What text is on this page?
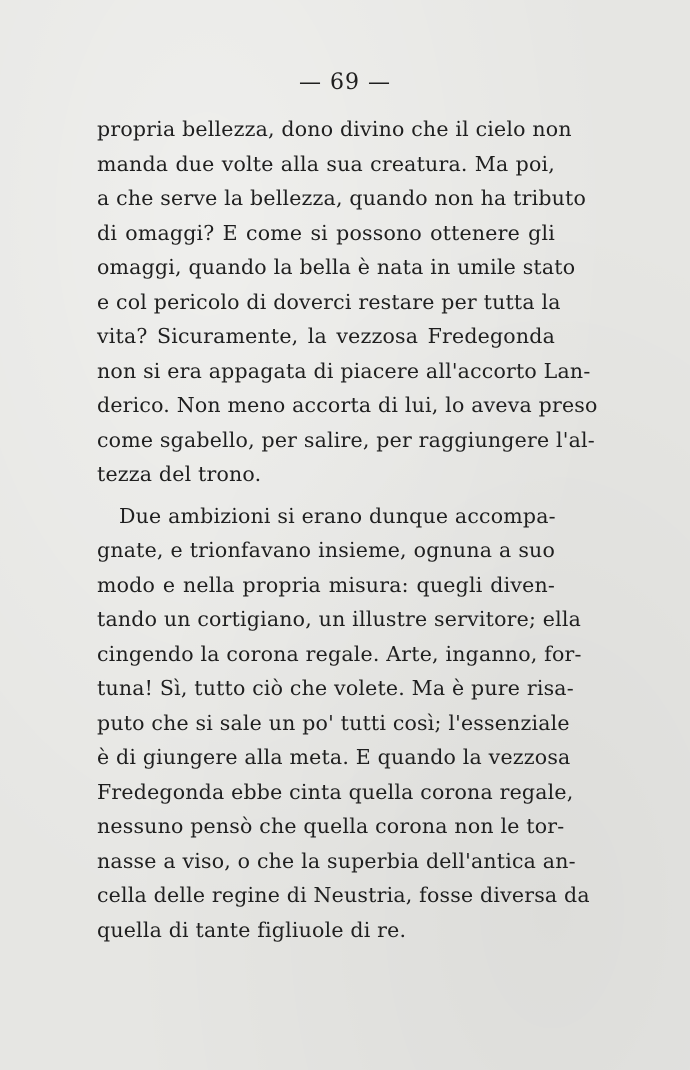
— 69 —
propria bellezza, dono divino che il cielo non
manda due volte alla sua creatura. Ma poi,
a che serve la bellezza, quando non ha tributo
di omaggi? E come si possono ottenere gli
omaggi, quando la bella è nata in umile stato
e col pericolo di doverci restare per tutta la
vita? Sicuramente, la vezzosa Fredegonda
non si era appagata di piacere all'accorto Lan-
derico. Non meno accorta di lui, lo aveva preso
come sgabello, per salire, per raggiungere l'al-
tezza del trono.
Due ambizioni si erano dunque accompa-
gnate, e trionfavano insieme, ognuna a suo
modo e nella propria misura: quegli diven-
tando un cortigiano, un illustre servitore; ella
cingendo la corona regale. Arte, inganno, for-
tuna! Sì, tutto ciò che volete. Ma è pure risa-
puto che si sale un po' tutti così; l'essenziale
è di giungere alla meta. E quando la vezzosa
Fredegonda ebbe cinta quella corona regale,
nessuno pensò che quella corona non le tor-
nasse a viso, o che la superbia dell'antica an-
cella delle regine di Neustria, fosse diversa da
quella di tante figliuole di re.
